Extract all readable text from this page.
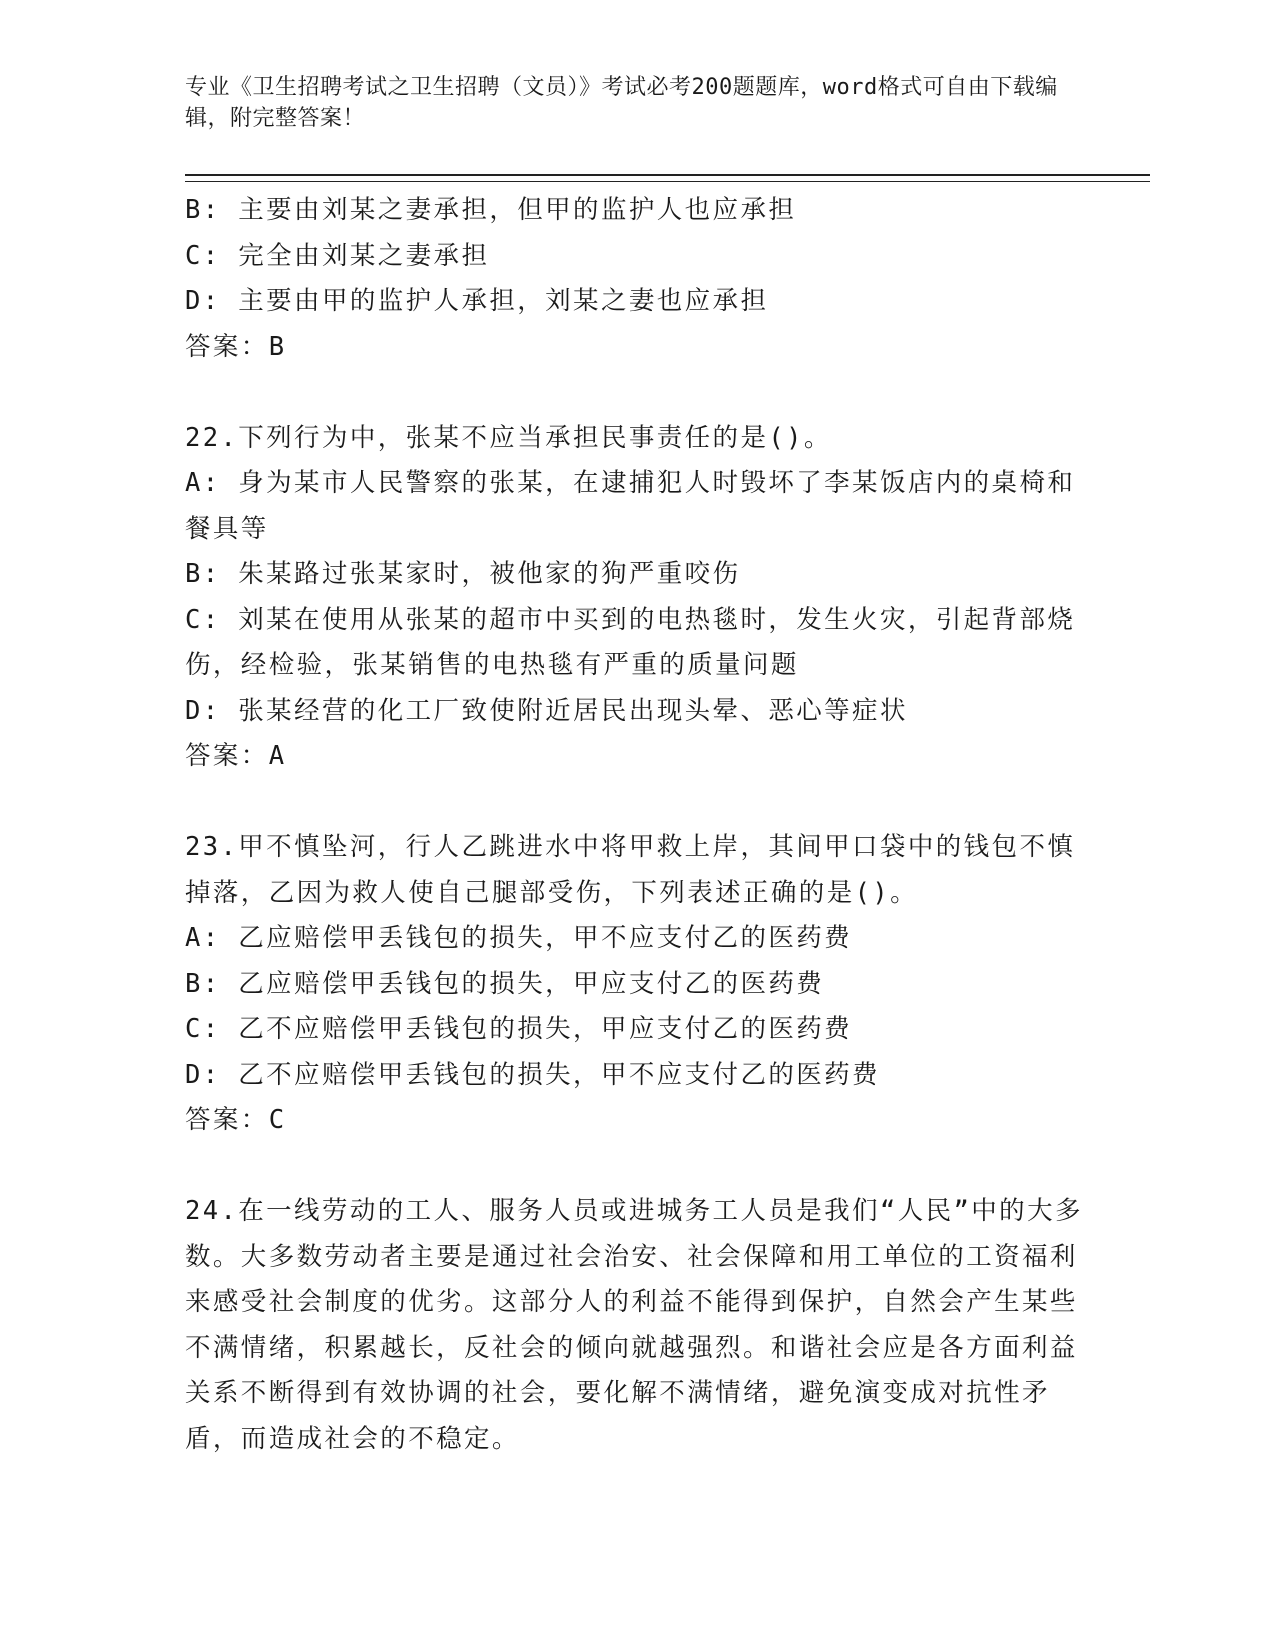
专业《卫生招聘考试之卫生招聘（文员）》考试必考200题题库，word格式可自由下载编辑，附完整答案！
B: 主要由刘某之妻承担，但甲的监护人也应承担
C: 完全由刘某之妻承担
D: 主要由甲的监护人承担，刘某之妻也应承担
答案：B
22.下列行为中，张某不应当承担民事责任的是()。
A: 身为某市人民警察的张某，在逮捕犯人时毁坏了李某饭店内的桌椅和餐具等
B: 朱某路过张某家时，被他家的狗严重咬伤
C: 刘某在使用从张某的超市中买到的电热毯时，发生火灾，引起背部烧伤，经检验，张某销售的电热毯有严重的质量问题
D: 张某经营的化工厂致使附近居民出现头晕、恶心等症状
答案：A
23.甲不慎坠河，行人乙跳进水中将甲救上岸，其间甲口袋中的钱包不慎掉落，乙因为救人使自己腿部受伤，下列表述正确的是()。
A: 乙应赔偿甲丢钱包的损失，甲不应支付乙的医药费
B: 乙应赔偿甲丢钱包的损失，甲应支付乙的医药费
C: 乙不应赔偿甲丢钱包的损失，甲应支付乙的医药费
D: 乙不应赔偿甲丢钱包的损失，甲不应支付乙的医药费
答案：C
24.在一线劳动的工人、服务人员或进城务工人员是我们“人民”中的大多数。大多数劳动者主要是通过社会治安、社会保障和用工单位的工资福利来感受社会制度的优劣。这部分人的利益不能得到保护，自然会产生某些不满情绪，积累越长，反社会的倾向就越强烈。和谐社会应是各方面利益关系不断得到有效协调的社会，要化解不满情绪，避免演变成对抗性矛盾，而造成社会的不稳定。
